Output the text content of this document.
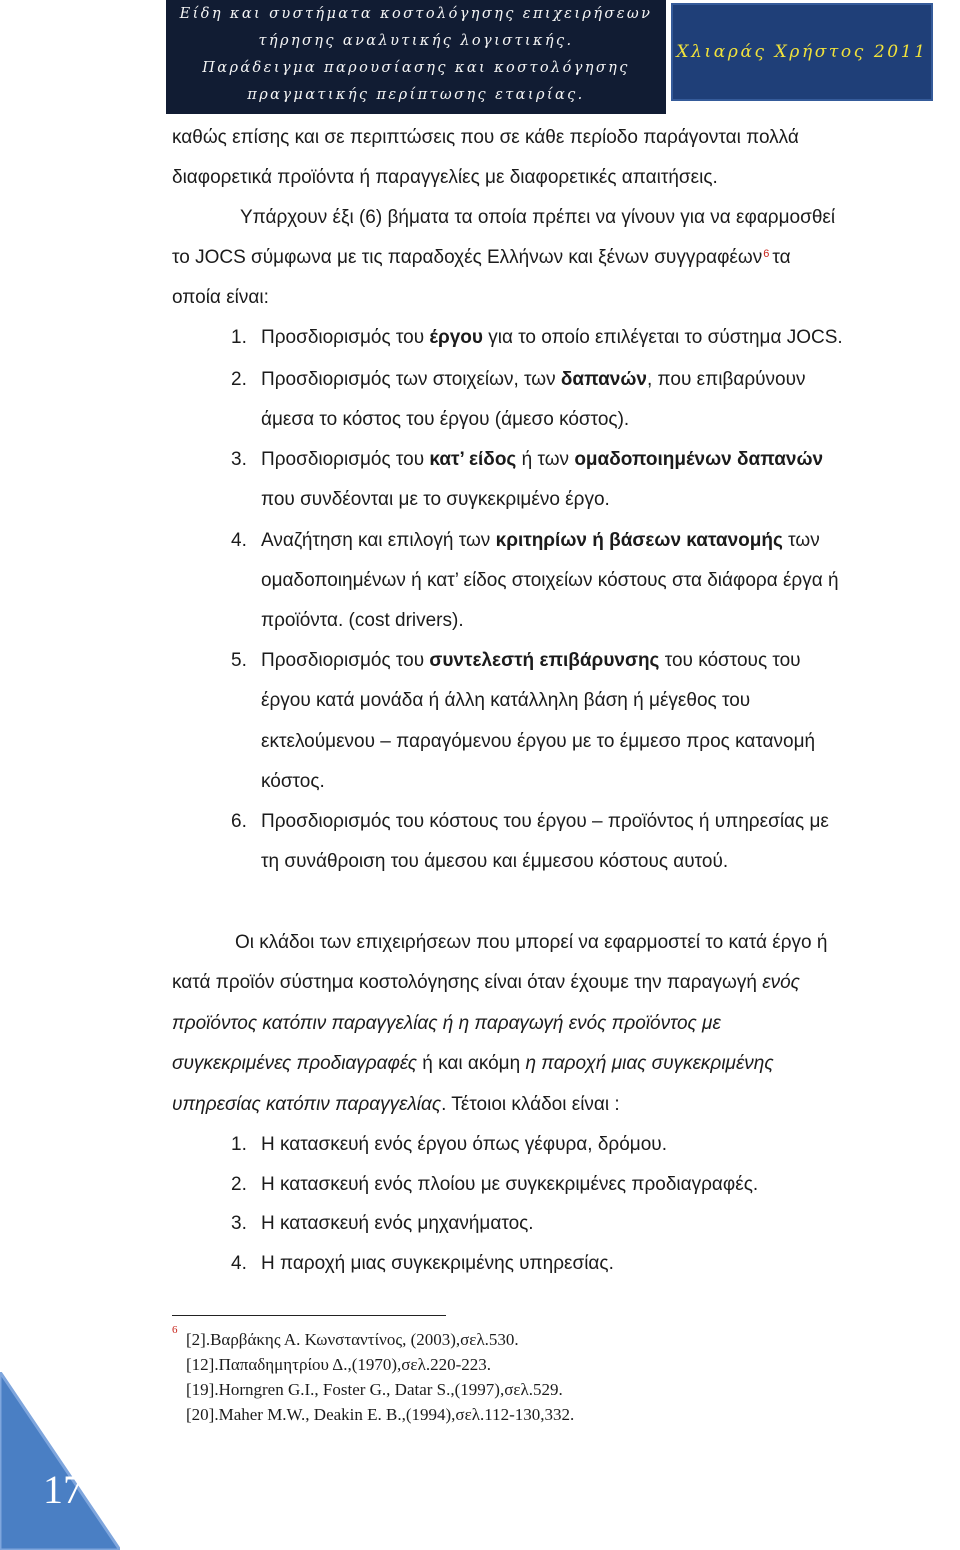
Είδη και συστήματα κοστολόγησης επιχειρήσεων
τήρησης αναλυτικής λογιστικής.
Παράδειγμα παρουσίασης και κοστολόγησης
πραγματικής περίπτωσης εταιρίας.
Χλιαράς Χρήστος 2011
καθώς επίσης και σε περιπτώσεις που σε κάθε περίοδο παράγονται πολλά
διαφορετικά προϊόντα ή παραγγελίες με διαφορετικές απαιτήσεις.
Υπάρχουν έξι (6) βήματα τα οποία πρέπει να γίνουν για να εφαρμοσθεί
το JOCS σύμφωνα με τις παραδοχές Ελλήνων και ξένων συγγραφέων$^6$ τα
οποία είναι:
1. Προσδιορισμός του έργου για το οποίο επιλέγεται το σύστημα JOCS.
2. Προσδιορισμός των στοιχείων, των δαπανών, που επιβαρύνουν
άμεσα το κόστος του έργου (άμεσο κόστος).
3. Προσδιορισμός του κατ’ είδος ή των ομαδοποιημένων δαπανών
που συνδέονται με το συγκεκριμένο έργο.
4. Αναζήτηση και επιλογή των κριτηρίων ή βάσεων κατανομής των
ομαδοποιημένων ή κατ’ είδος στοιχείων κόστους στα διάφορα έργα ή
προϊόντα. (cost drivers).
5. Προσδιορισμός του συντελεστή επιβάρυνσης του κόστους του
έργου κατά μονάδα ή άλλη κατάλληλη βάση ή μέγεθος του
εκτελούμενου – παραγόμενου έργου με το έμμεσο προς κατανομή
κόστος.
6. Προσδιορισμός του κόστους του έργου – προϊόντος ή υπηρεσίας με
τη συνάθροιση του άμεσου και έμμεσου κόστους αυτού.
Οι κλάδοι των επιχειρήσεων που μπορεί να εφαρμοστεί το κατά έργο ή
κατά προϊόν σύστημα κοστολόγησης είναι όταν έχουμε την παραγωγή ενός
προϊόντος κατόπιν παραγγελίας ή η παραγωγή ενός προϊόντος με
συγκεκριμένες προδιαγραφές ή και ακόμη η παροχή μιας συγκεκριμένης
υπηρεσίας κατόπιν παραγγελίας. Τέτοιοι κλάδοι είναι :
1. Η κατασκευή ενός έργου όπως γέφυρα, δρόμου.
2. Η κατασκευή ενός πλοίου με συγκεκριμένες προδιαγραφές.
3. Η κατασκευή ενός μηχανήματος.
4. Η παροχή μιας συγκεκριμένης υπηρεσίας.
6 [2].Βαρβάκης Α. Κωνσταντίνος, (2003),σελ.530.
[12].Παπαδημητρίου Δ.,(1970),σελ.220-223.
[19].Horngren G.I., Foster G., Datar S.,(1997),σελ.529.
[20].Maher M.W., Deakin E. B.,(1994),σελ.112-130,332.
17
